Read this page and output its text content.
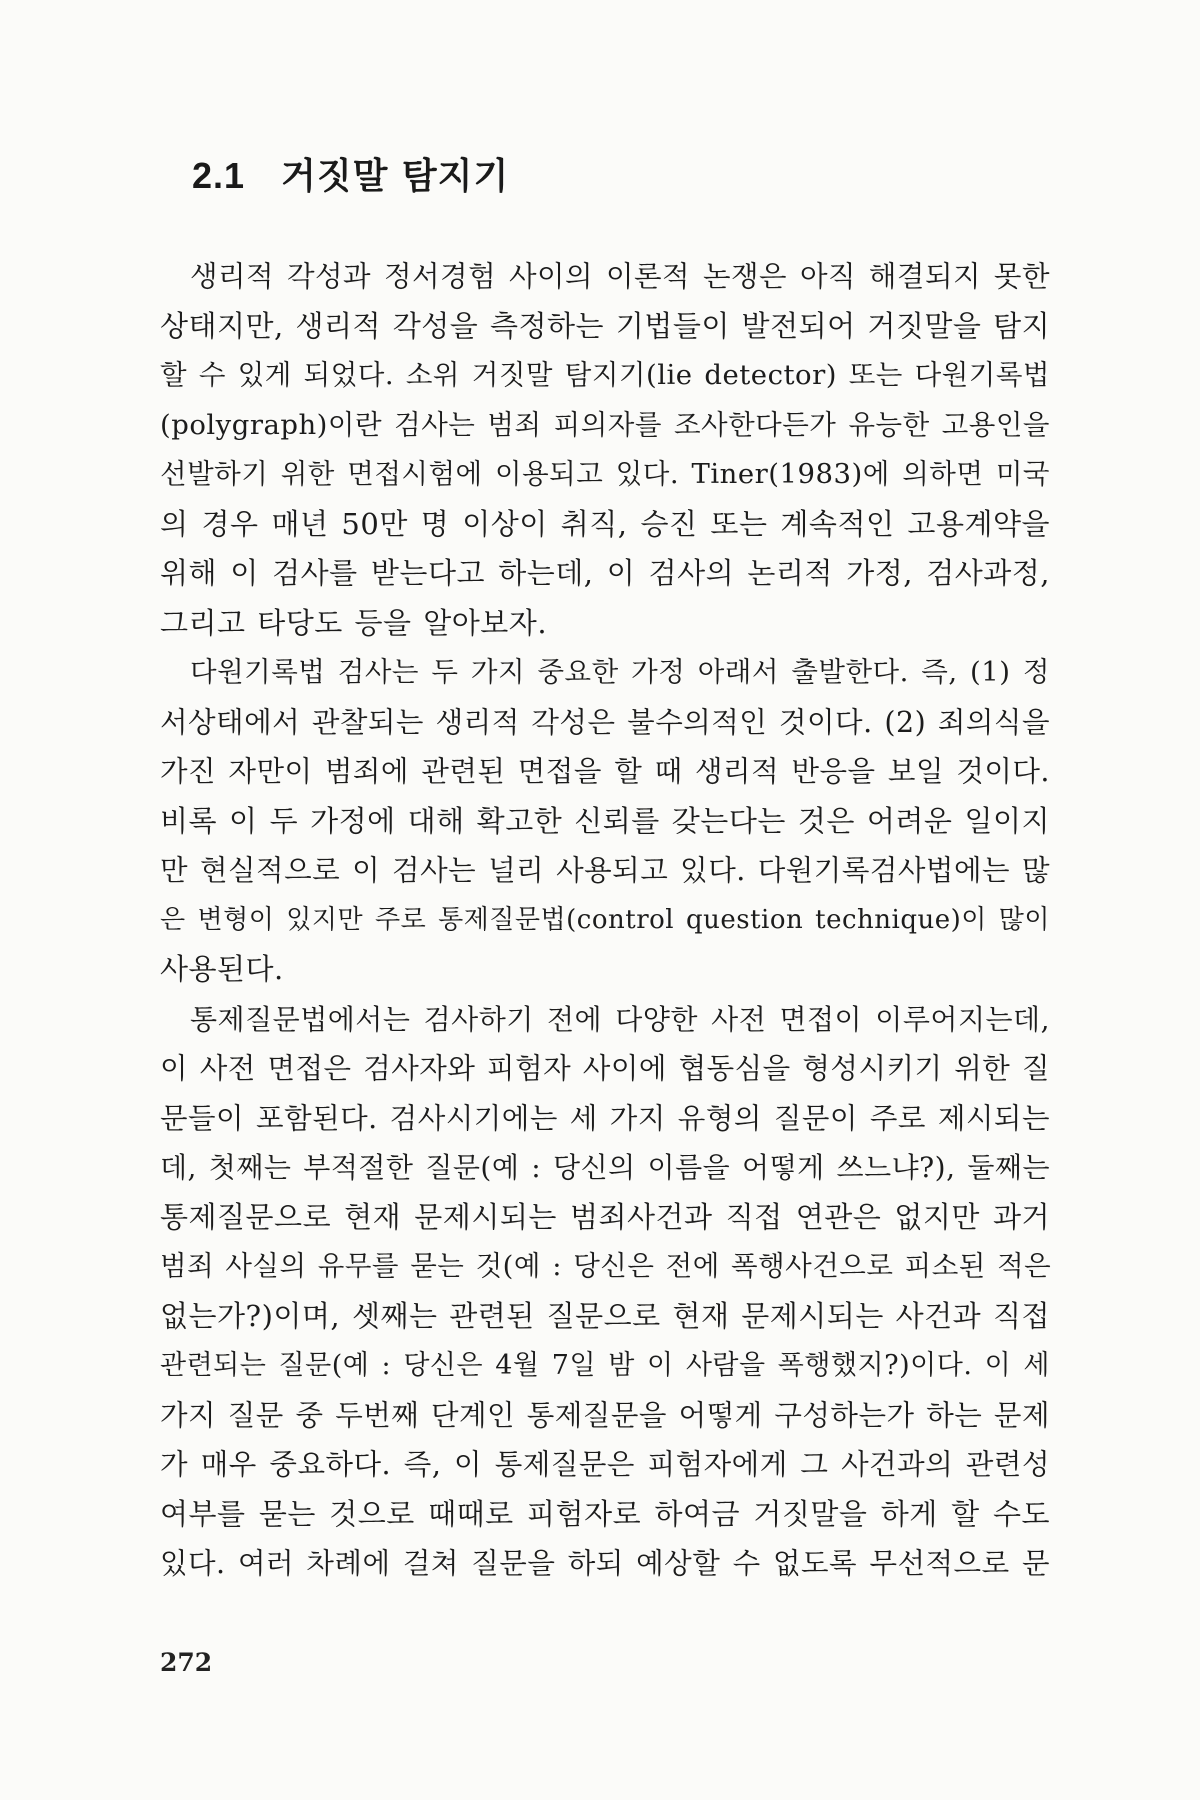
2.1 거짓말 탐지기
생리적 각성과 정서경험 사이의 이론적 논쟁은 아직 해결되지 못한
상태지만, 생리적 각성을 측정하는 기법들이 발전되어 거짓말을 탐지
할 수 있게 되었다. 소위 거짓말 탐지기(lie detector) 또는 다원기록법
(polygraph)이란 검사는 범죄 피의자를 조사한다든가 유능한 고용인을
선발하기 위한 면접시험에 이용되고 있다. Tiner(1983)에 의하면 미국
의 경우 매년 50만 명 이상이 취직, 승진 또는 계속적인 고용계약을
위해 이 검사를 받는다고 하는데, 이 검사의 논리적 가정, 검사과정,
그리고 타당도 등을 알아보자.
다원기록법 검사는 두 가지 중요한 가정 아래서 출발한다. 즉, (1) 정
서상태에서 관찰되는 생리적 각성은 불수의적인 것이다. (2) 죄의식을
가진 자만이 범죄에 관련된 면접을 할 때 생리적 반응을 보일 것이다.
비록 이 두 가정에 대해 확고한 신뢰를 갖는다는 것은 어려운 일이지
만 현실적으로 이 검사는 널리 사용되고 있다. 다원기록검사법에는 많
은 변형이 있지만 주로 통제질문법(control question technique)이 많이
사용된다.
통제질문법에서는 검사하기 전에 다양한 사전 면접이 이루어지는데,
이 사전 면접은 검사자와 피험자 사이에 협동심을 형성시키기 위한 질
문들이 포함된다. 검사시기에는 세 가지 유형의 질문이 주로 제시되는
데, 첫째는 부적절한 질문(예 : 당신의 이름을 어떻게 쓰느냐?), 둘째는
통제질문으로 현재 문제시되는 범죄사건과 직접 연관은 없지만 과거
범죄 사실의 유무를 묻는 것(예 : 당신은 전에 폭행사건으로 피소된 적은
없는가?)이며, 셋째는 관련된 질문으로 현재 문제시되는 사건과 직접
관련되는 질문(예 : 당신은 4월 7일 밤 이 사람을 폭행했지?)이다. 이 세
가지 질문 중 두번째 단계인 통제질문을 어떻게 구성하는가 하는 문제
가 매우 중요하다. 즉, 이 통제질문은 피험자에게 그 사건과의 관련성
여부를 묻는 것으로 때때로 피험자로 하여금 거짓말을 하게 할 수도
있다. 여러 차례에 걸쳐 질문을 하되 예상할 수 없도록 무선적으로 문
272
